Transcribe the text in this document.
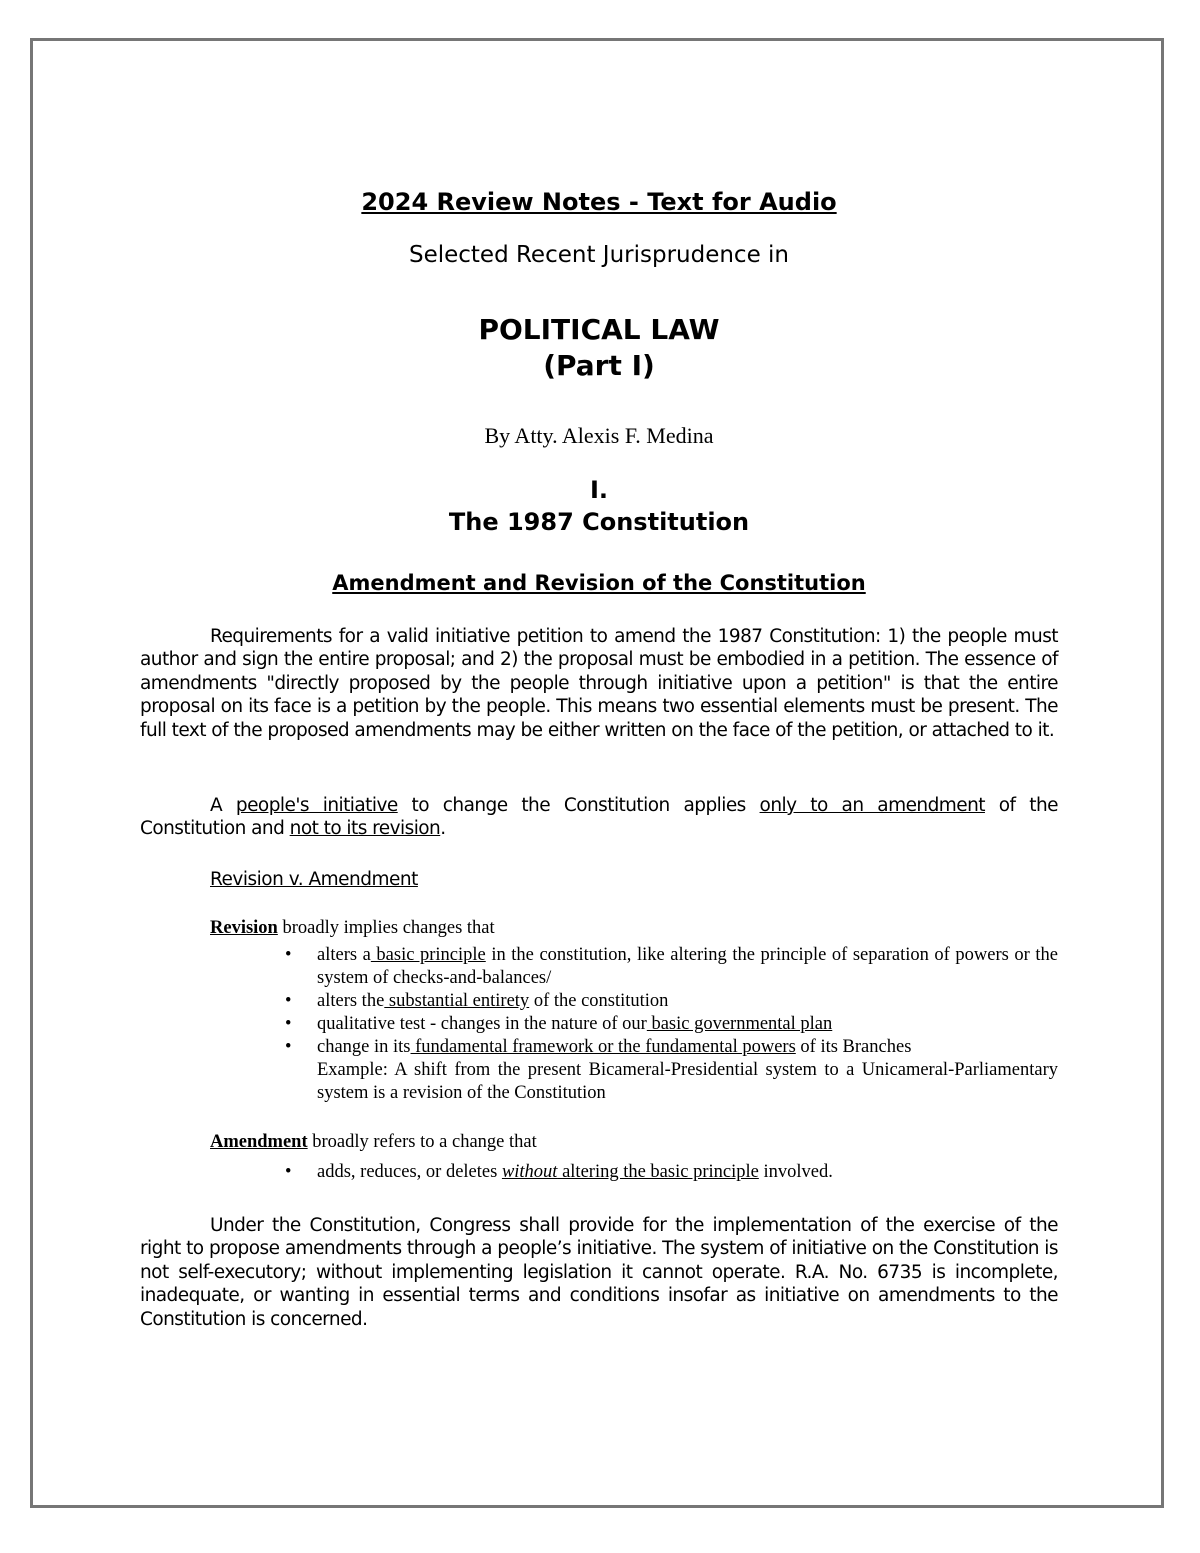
2024 Review Notes - Text for Audio
Selected Recent Jurisprudence in
POLITICAL LAW
(Part I)
By Atty. Alexis F. Medina
I.
The 1987 Constitution
Amendment and Revision of the Constitution
Requirements for a valid initiative petition to amend the 1987 Constitution: 1) the people must author and sign the entire proposal; and 2) the proposal must be embodied in a petition. The essence of amendments "directly proposed by the people through initiative upon a petition" is that the entire proposal on its face is a petition by the people. This means two essential elements must be present. The full text of the proposed amendments may be either written on the face of the petition, or attached to it.
A people's initiative to change the Constitution applies only to an amendment of the Constitution and not to its revision.
Revision v. Amendment
Revision broadly implies changes that
• alters a basic principle in the constitution, like altering the principle of separation of powers or the system of checks-and-balances/
• alters the substantial entirety of the constitution
• qualitative test - changes in the nature of our basic governmental plan
• change in its fundamental framework or the fundamental powers of its Branches
Example: A shift from the present Bicameral-Presidential system to a Unicameral-Parliamentary system is a revision of the Constitution
Amendment broadly refers to a change that
• adds, reduces, or deletes without altering the basic principle involved.
Under the Constitution, Congress shall provide for the implementation of the exercise of the right to propose amendments through a people’s initiative. The system of initiative on the Constitution is not self-executory; without implementing legislation it cannot operate. R.A. No. 6735 is incomplete, inadequate, or wanting in essential terms and conditions insofar as initiative on amendments to the Constitution is concerned.
